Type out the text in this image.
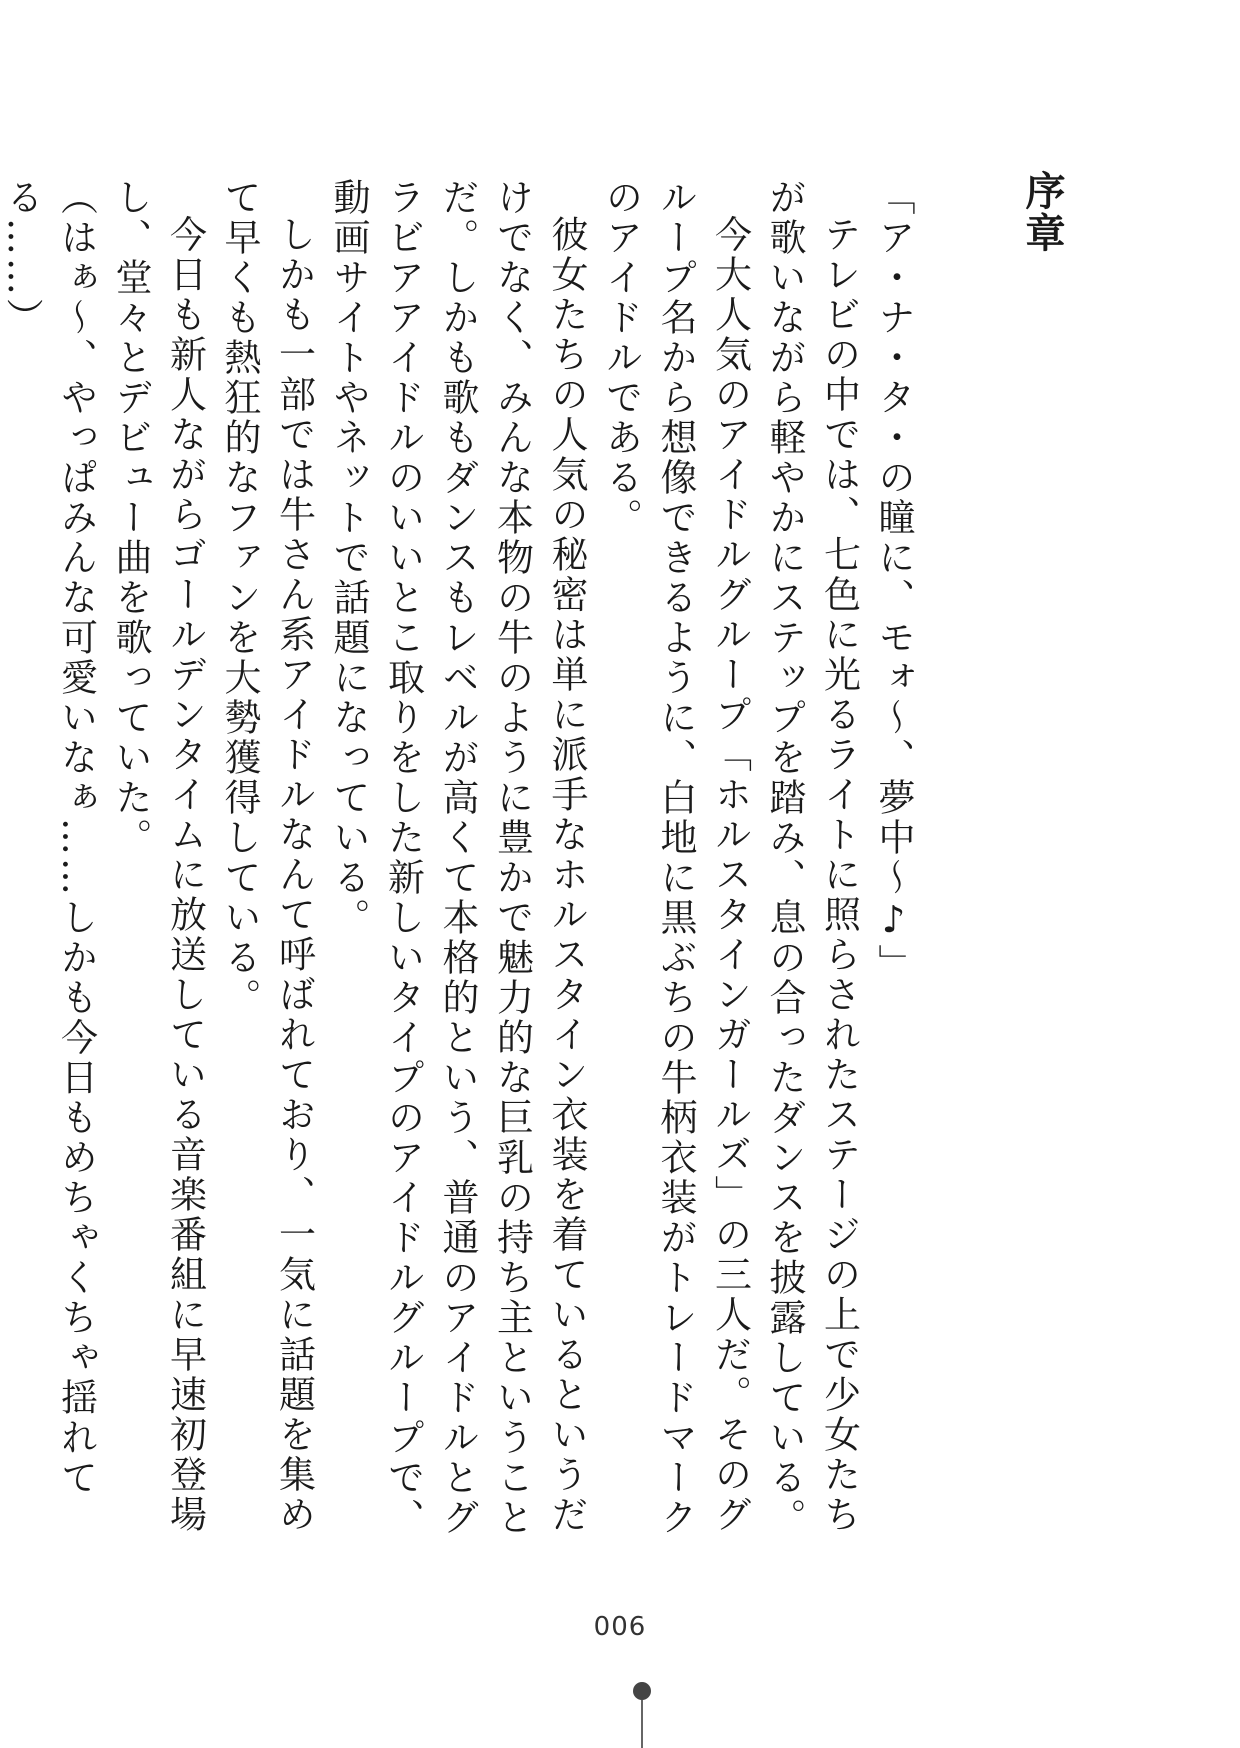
序章

「ア・ナ・タ・の瞳に、モォ～、夢中～♪」

テレビの中では、七色に光るライトに照らされたステージの上で少女たちが歌いながら軽やかにステップを踏み、息の合ったダンスを披露している。

今大人気のアイドルグループ「ホルスタインガールズ」の三人だ。そのグループ名から想像できるように、白地に黒ぶちの牛柄衣装がトレードマークのアイドルである。

彼女たちの人気の秘密は単に派手なホルスタイン衣装を着ているというだけでなく、みんな本物の牛のように豊かで魅力的な巨乳の持ち主ということだ。しかも歌もダンスもレベルが高くて本格的という、普通のアイドルとグラビアアイドルのいいとこ取りをした新しいタイプのアイドルグループで、動画サイトやネットで話題になっている。

しかも一部では牛さん系アイドルなんて呼ばれており、一気に話題を集めて早くも熱狂的なファンを大勢獲得している。

今日も新人ながらゴールデンタイムに放送している音楽番組に早速初登場し、堂々とデビュー曲を歌っていた。

（はぁ～、やっぱみんな可愛いなぁ……しかも今日もめちゃくちゃ揺れてる……）

006
